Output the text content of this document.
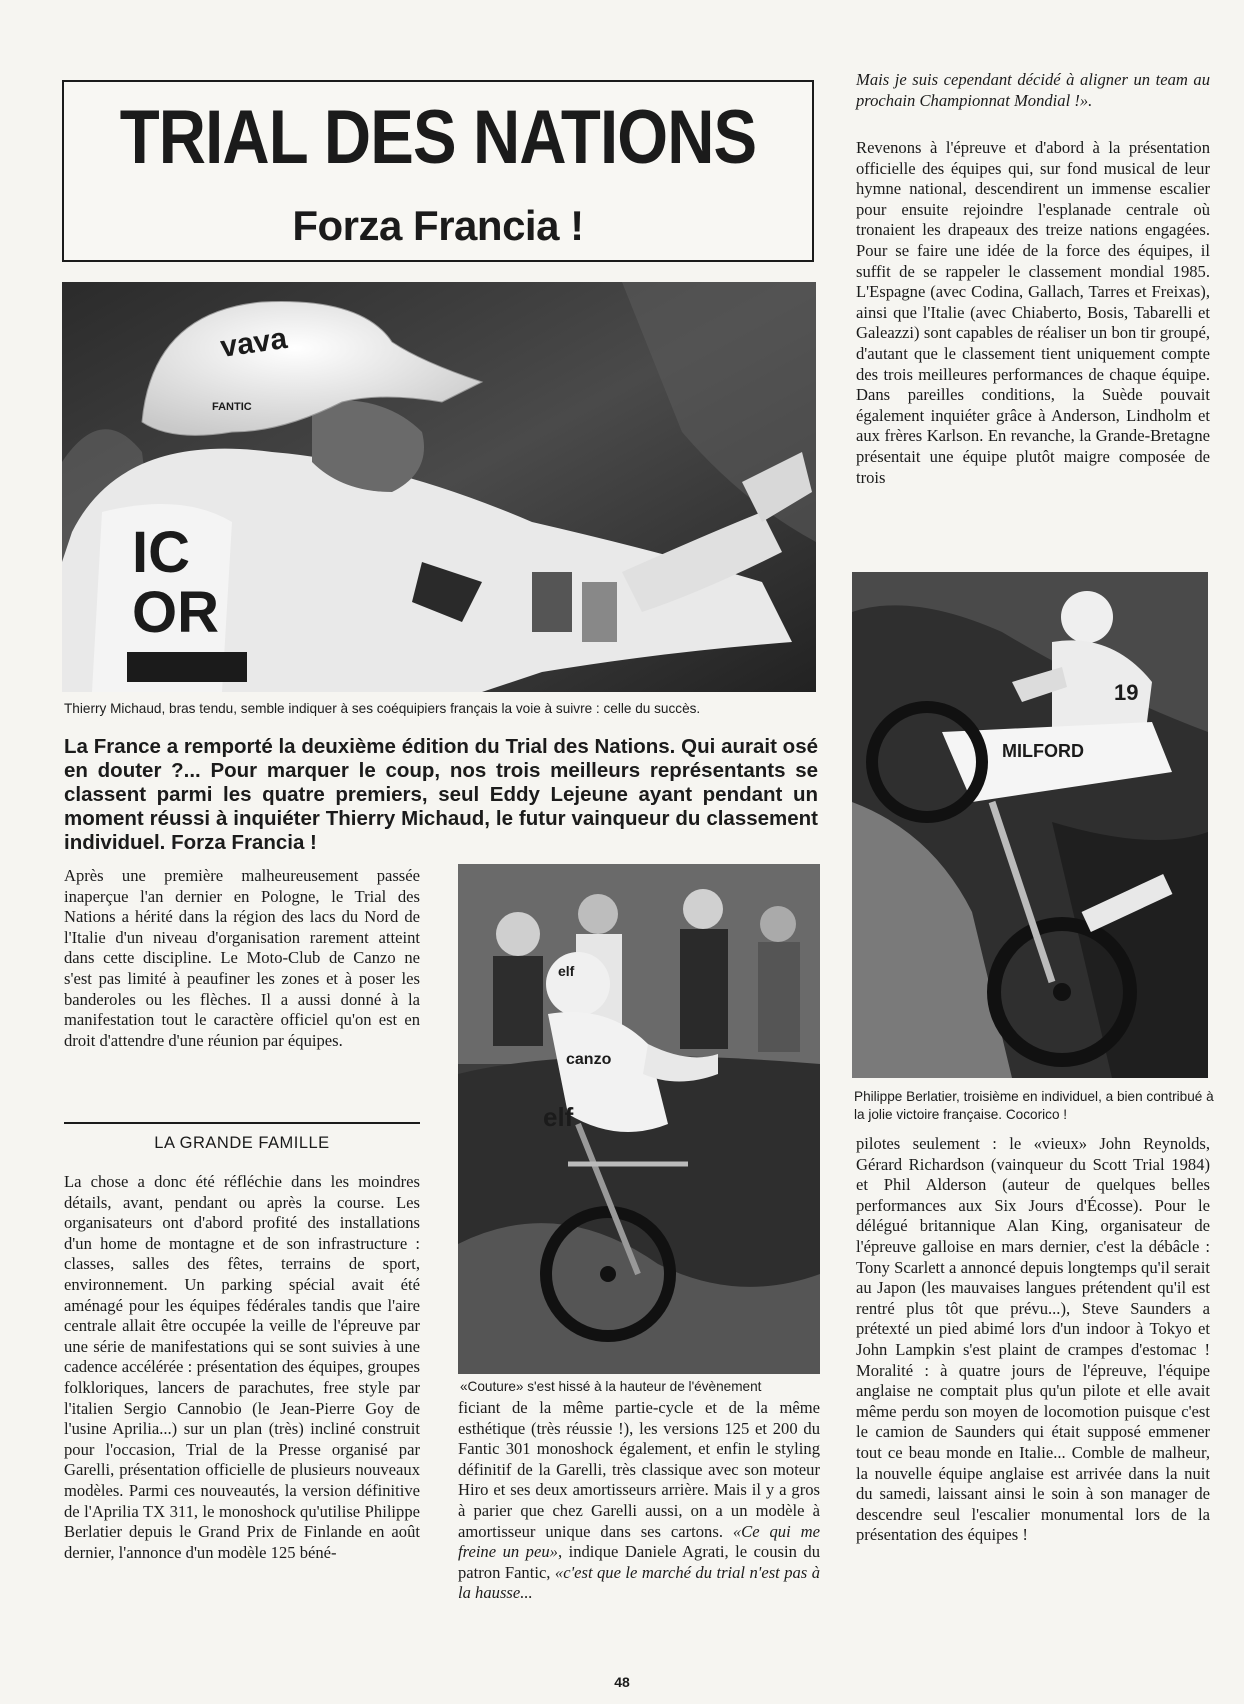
TRIAL DES NATIONS
Forza Francia !
IC
OR
vava
FANTIC
Thierry Michaud, bras tendu, semble indiquer à ses coéquipiers français la voie à suivre : celle du succès.
La France a remporté la deuxième édition du Trial des Nations. Qui aurait osé en douter ?... Pour marquer le coup, nos trois meilleurs représentants se classent parmi les quatre premiers, seul Eddy Lejeune ayant pendant un moment réussi à inquiéter Thierry Michaud, le futur vainqueur du classement individuel. Forza Francia !
Après une première malheureusement passée inaperçue l'an dernier en Pologne, le Trial des Nations a hérité dans la région des lacs du Nord de l'Italie d'un niveau d'organisation rarement atteint dans cette discipline. Le Moto-Club de Canzo ne s'est pas limité à peaufiner les zones et à poser les banderoles ou les flèches. Il a aussi donné à la manifestation tout le caractère officiel qu'on est en droit d'attendre d'une réunion par équipes.
LA GRANDE FAMILLE
La chose a donc été réfléchie dans les moindres détails, avant, pendant ou après la course. Les organisateurs ont d'abord profité des installations d'un home de montagne et de son infrastructure : classes, salles des fêtes, terrains de sport, environnement. Un parking spécial avait été aménagé pour les équipes fédérales tandis que l'aire centrale allait être occupée la veille de l'épreuve par une série de manifestations qui se sont suivies à une cadence accélérée : présentation des équipes, groupes folkloriques, lancers de parachutes, free style par l'italien Sergio Cannobio (le Jean-Pierre Goy de l'usine Aprilia...) sur un plan (très) incliné construit pour l'occasion, Trial de la Presse organisé par Garelli, présentation officielle de plusieurs nouveaux modèles. Parmi ces nouveautés, la version définitive de l'Aprilia TX 311, le monoshock qu'utilise Philippe Berlatier depuis le Grand Prix de Finlande en août dernier, l'annonce d'un modèle 125 béné-
elf
canzo
elf
«Couture» s'est hissé à la hauteur de l'évènement
ficiant de la même partie-cycle et de la même esthétique (très réussie !), les versions 125 et 200 du Fantic 301 monoshock également, et enfin le styling définitif de la Garelli, très classique avec son moteur Hiro et ses deux amortisseurs arrière. Mais il y a gros à parier que chez Garelli aussi, on a un modèle à amortisseur unique dans ses cartons. «Ce qui me freine un peu», indique Daniele Agrati, le cousin du patron Fantic, «c'est que le marché du trial n'est pas à la hausse...
Mais je suis cependant décidé à aligner un team au prochain Championnat Mondial !».
Revenons à l'épreuve et d'abord à la présentation officielle des équipes qui, sur fond musical de leur hymne national, descendirent un immense escalier pour ensuite rejoindre l'esplanade centrale où tronaient les drapeaux des treize nations engagées. Pour se faire une idée de la force des équipes, il suffit de se rappeler le classement mondial 1985. L'Espagne (avec Codina, Gallach, Tarres et Freixas), ainsi que l'Italie (avec Chiaberto, Bosis, Tabarelli et Galeazzi) sont capables de réaliser un bon tir groupé, d'autant que le classement tient uniquement compte des trois meilleures performances de chaque équipe. Dans pareilles conditions, la Suède pouvait également inquiéter grâce à Anderson, Lindholm et aux frères Karlson. En revanche, la Grande-Bretagne présentait une équipe plutôt maigre composée de trois
19
MILFORD
Philippe Berlatier, troisième en individuel, a bien contribué à la jolie victoire française. Cocorico !
pilotes seulement : le «vieux» John Reynolds, Gérard Richardson (vainqueur du Scott Trial 1984) et Phil Alderson (auteur de quelques belles performances aux Six Jours d'Écosse). Pour le délégué britannique Alan King, organisateur de l'épreuve galloise en mars dernier, c'est la débâcle : Tony Scarlett a annoncé depuis longtemps qu'il serait au Japon (les mauvaises langues prétendent qu'il est rentré plus tôt que prévu...), Steve Saunders a prétexté un pied abimé lors d'un indoor à Tokyo et John Lampkin s'est plaint de crampes d'estomac ! Moralité : à quatre jours de l'épreuve, l'équipe anglaise ne comptait plus qu'un pilote et elle avait même perdu son moyen de locomotion puisque c'est le camion de Saunders qui était supposé emmener tout ce beau monde en Italie... Comble de malheur, la nouvelle équipe anglaise est arrivée dans la nuit du samedi, laissant ainsi le soin à son manager de descendre seul l'escalier monumental lors de la présentation des équipes !
48
